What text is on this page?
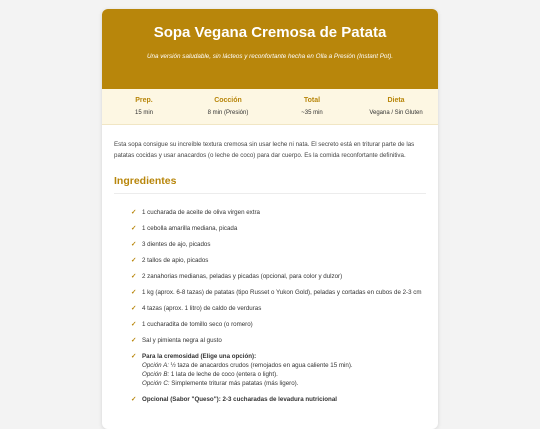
Sopa Vegana Cremosa de Patata
Una versión saludable, sin lácteos y reconfortante hecha en Olla a Presión (Instant Pot).
Prep.
15 min
Cocción
8 min (Presión)
Total
~35 min
Dieta
Vegana / Sin Gluten

Esta sopa consigue su increíble textura cremosa sin usar leche ni nata. El secreto está en triturar parte de las patatas cocidas y usar anacardos (o leche de coco) para dar cuerpo. Es la comida reconfortante definitiva.

Ingredientes
✓ 1 cucharada de aceite de oliva virgen extra
✓ 1 cebolla amarilla mediana, picada
✓ 3 dientes de ajo, picados
✓ 2 tallos de apio, picados
✓ 2 zanahorias medianas, peladas y picadas (opcional, para color y dulzor)
✓ 1 kg (aprox. 6-8 tazas) de patatas (tipo Russet o Yukon Gold), peladas y cortadas en cubos de 2-3 cm
✓ 4 tazas (aprox. 1 litro) de caldo de verduras
✓ 1 cucharadita de tomillo seco (o romero)
✓ Sal y pimienta negra al gusto
✓ Para la cremosidad (Elige una opción):
Opción A: ½ taza de anacardos crudos (remojados en agua caliente 15 min).
Opción B: 1 lata de leche de coco (entera o light).
Opción C: Simplemente triturar más patatas (más ligero).
✓ Opcional (Sabor "Queso"): 2-3 cucharadas de levadura nutricional
